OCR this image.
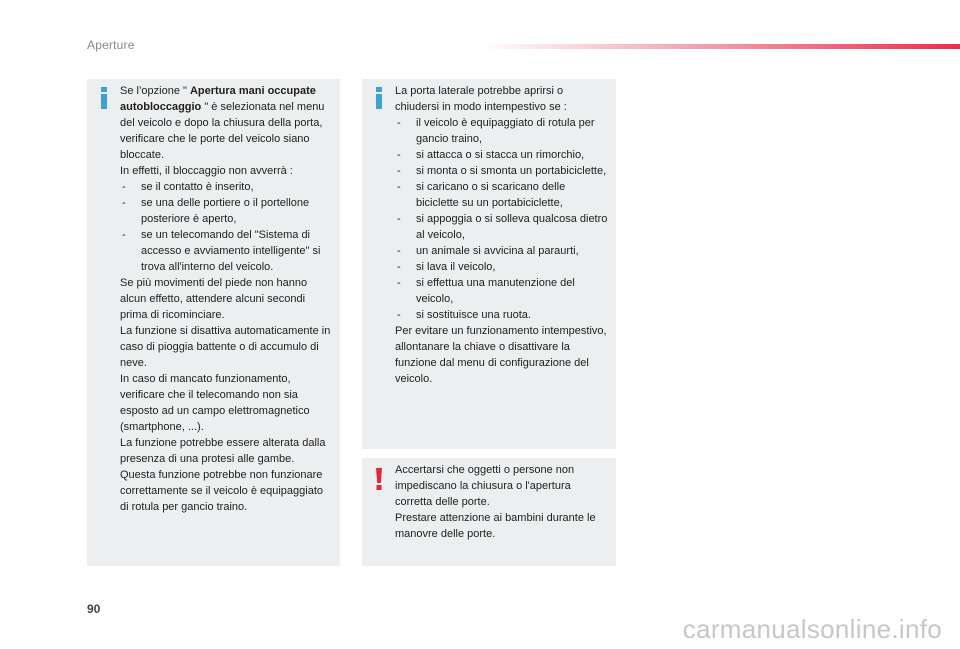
Aperture

Se l’opzione " Apertura mani occupate autobloccaggio " è selezionata nel menu del veicolo e dopo la chiusura della porta, verificare che le porte del veicolo siano bloccate.

In effetti, il bloccaggio non avverrà :

- se il contatto è inserito,
- se una delle portiere o il portellone posteriore è aperto,
- se un telecomando del "Sistema di accesso e avviamento intelligente" si trova all'interno del veicolo.

Se più movimenti del piede non hanno alcun effetto, attendere alcuni secondi prima di ricominciare.

La funzione si disattiva automaticamente in caso di pioggia battente o di accumulo di neve.

In caso di mancato funzionamento, verificare che il telecomando non sia esposto ad un campo elettromagnetico (smartphone, ...).

La funzione potrebbe essere alterata dalla presenza di una protesi alle gambe.

Questa funzione potrebbe non funzionare correttamente se il veicolo è equipaggiato di rotula per gancio traino.

La porta laterale potrebbe aprirsi o chiudersi in modo intempestivo se :

- il veicolo è equipaggiato di rotula per gancio traino,
- si attacca o si stacca un rimorchio,
- si monta o si smonta un portabiciclette,
- si caricano o si scaricano delle biciclette su un portabiciclette,
- si appoggia o si solleva qualcosa dietro al veicolo,
- un animale si avvicina al paraurti,
- si lava il veicolo,
- si effettua una manutenzione del veicolo,
- si sostituisce una ruota.

Per evitare un funzionamento intempestivo, allontanare la chiave o disattivare la funzione dal menu di configurazione del veicolo.

Accertarsi che oggetti o persone non impediscano la chiusura o l'apertura corretta delle porte.

Prestare attenzione ai bambini durante le manovre delle porte.

90
carmanualsonline.info
